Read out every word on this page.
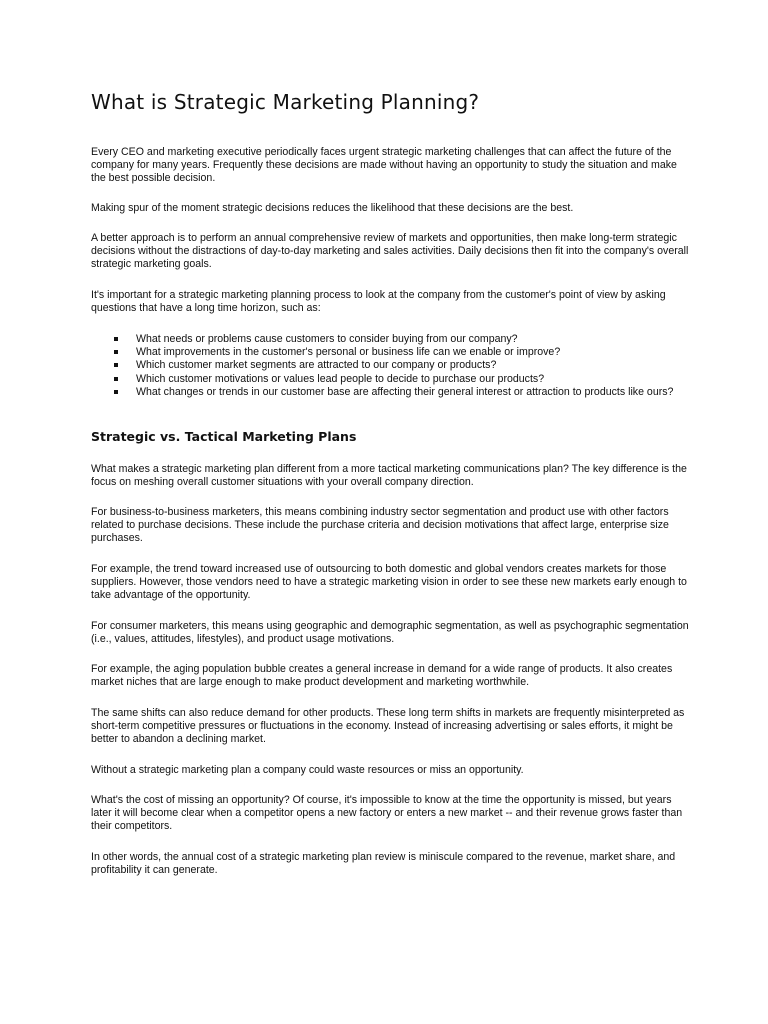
What is Strategic Marketing Planning?

Every CEO and marketing executive periodically faces urgent strategic marketing challenges that can affect the future of the company for many years. Frequently these decisions are made without having an opportunity to study the situation and make the best possible decision.

Making spur of the moment strategic decisions reduces the likelihood that these decisions are the best.

A better approach is to perform an annual comprehensive review of markets and opportunities, then make long-term strategic decisions without the distractions of day-to-day marketing and sales activities. Daily decisions then fit into the company's overall strategic marketing goals.

It's important for a strategic marketing planning process to look at the company from the customer's point of view by asking questions that have a long time horizon, such as:

What needs or problems cause customers to consider buying from our company?
What improvements in the customer's personal or business life can we enable or improve?
Which customer market segments are attracted to our company or products?
Which customer motivations or values lead people to decide to purchase our products?
What changes or trends in our customer base are affecting their general interest or attraction to products like ours?
Strategic vs. Tactical Marketing Plans

What makes a strategic marketing plan different from a more tactical marketing communications plan? The key difference is the focus on meshing overall customer situations with your overall company direction.

For business-to-business marketers, this means combining industry sector segmentation and product use with other factors related to purchase decisions. These include the purchase criteria and decision motivations that affect large, enterprise size purchases.

For example, the trend toward increased use of outsourcing to both domestic and global vendors creates markets for those suppliers. However, those vendors need to have a strategic marketing vision in order to see these new markets early enough to take advantage of the opportunity.

For consumer marketers, this means using geographic and demographic segmentation, as well as psychographic segmentation (i.e., values, attitudes, lifestyles), and product usage motivations.

For example, the aging population bubble creates a general increase in demand for a wide range of products. It also creates market niches that are large enough to make product development and marketing worthwhile.

The same shifts can also reduce demand for other products. These long term shifts in markets are frequently misinterpreted as short-term competitive pressures or fluctuations in the economy. Instead of increasing advertising or sales efforts, it might be better to abandon a declining market.

Without a strategic marketing plan a company could waste resources or miss an opportunity.

What's the cost of missing an opportunity? Of course, it's impossible to know at the time the opportunity is missed, but years later it will become clear when a competitor opens a new factory or enters a new market -- and their revenue grows faster than their competitors.

In other words, the annual cost of a strategic marketing plan review is miniscule compared to the revenue, market share, and profitability it can generate.
